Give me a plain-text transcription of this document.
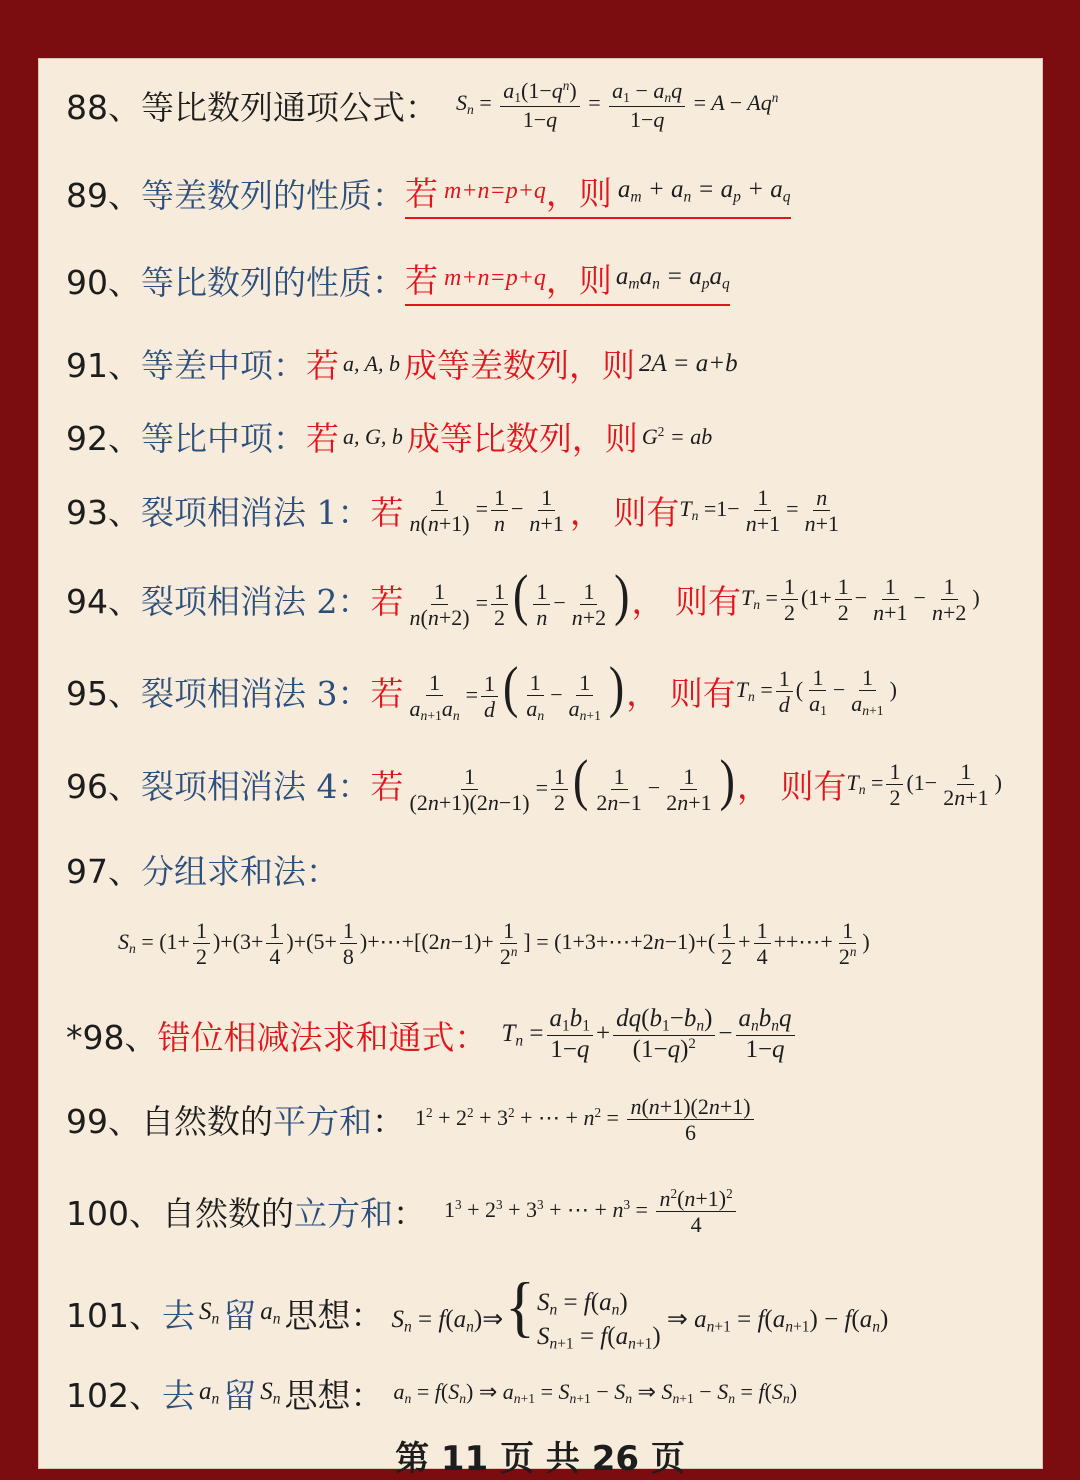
88、 等比数列通项公式： $S_n = \frac{a_1(1-q^n)}{1-q} = \frac{a_1 - a_nq}{1-q} = A - Aq^n$
89、 等差数列的性质： 若 m+n=p+q ， 则 $a_m + a_n = a_p + a_q$
90、 等比数列的性质： 若 m+n=p+q ， 则 $a_ma_n = a_pa_q$
91、 等差中项： 若 a, A, b 成等差数列， 则 2A = a+b
92、 等比中项： 若 a, G, b 成等比数列， 则 $G^2$ = ab
93、 裂项相消法 1： 若 $\frac{1}{n(n+1)} = \frac{1}{n} - \frac{1}{n+1}$ ， 则有 $T_n =1- \frac{1}{n+1} = \frac{n}{n+1}$
94、 裂项相消法 2： 若 $\frac{1}{n(n+2)} = \frac{1}{2}$ ( $\frac{1}{n} - \frac{1}{n+2}$ ) ， 则有 $T_n = \frac{1}{2} (1+ \frac{1}{2} - \frac{1}{n+1} - \frac{1}{n+2}$ )
95、 裂项相消法 3： 若 $\frac{1}{a_{n+1}a_n} = \frac{1}{d}$ ( $\frac{1}{a_n} - \frac{1}{a_{n+1}}$ ) ， 则有 $T_n = \frac{1}{d}$ ( $\frac{1}{a_1} - \frac{1}{a_{n+1}}$ )
96、 裂项相消法 4： 若 $\frac{1}{(2n+1)(2n-1)} = \frac{1}{2}$ ( $\frac{1}{2n-1} - \frac{1}{2n+1}$ ) ， 则有 $T_n = \frac{1}{2} (1- \frac{1}{2n+1}$ )
97、 分组求和法：
$S_n = (1+ \frac{1}{2} )+(3+ \frac{1}{4} )+(5+ \frac{1}{8}$ )+⋯+[(2n−1)+ $\frac{1}{2^n}$ ] = (1+3+⋯+2n−1)+( $\frac{1}{2} + \frac{1}{4}$ ++⋯+ $\frac{1}{2^n}$ )
*98、 错位相减法求和通式： $T_n = \frac{a_1b_1}{1-q} + \frac{dq(b_1-b_n)}{(1-q)^2} - \frac{a_nb_nq}{1-q}$
99、 自然数的 平方和 ： $1^2 + 2^2 + 3^2$ + ⋯ + $n^2 = \frac{n(n+1)(2n+1)}{6}$
100、 自然数的 立方和 ： $1^3 + 2^3 + 3^3$ + ⋯ + $n^3 = \frac{n^2(n+1)^2}{4}$
101、 去 $S_n$ 留 $a_n$ 思想： $S_n$ = $f(a_n)\Rightarrow${ $S_n = f(a_n)$
$S_{n+1} = f(a_{n+1})$
⇒ $a_{n+1} = f(a_{n+1}) - f(a_n)$
102、 去 $a_n$ 留 $S_n$ 思想： $a_n = f(S_n)$ ⇒ $a_{n+1} = S_{n+1} - S_n$ ⇒ $S_{n+1} - S_n = f(S_n)$
第 11 页 共 26 页
